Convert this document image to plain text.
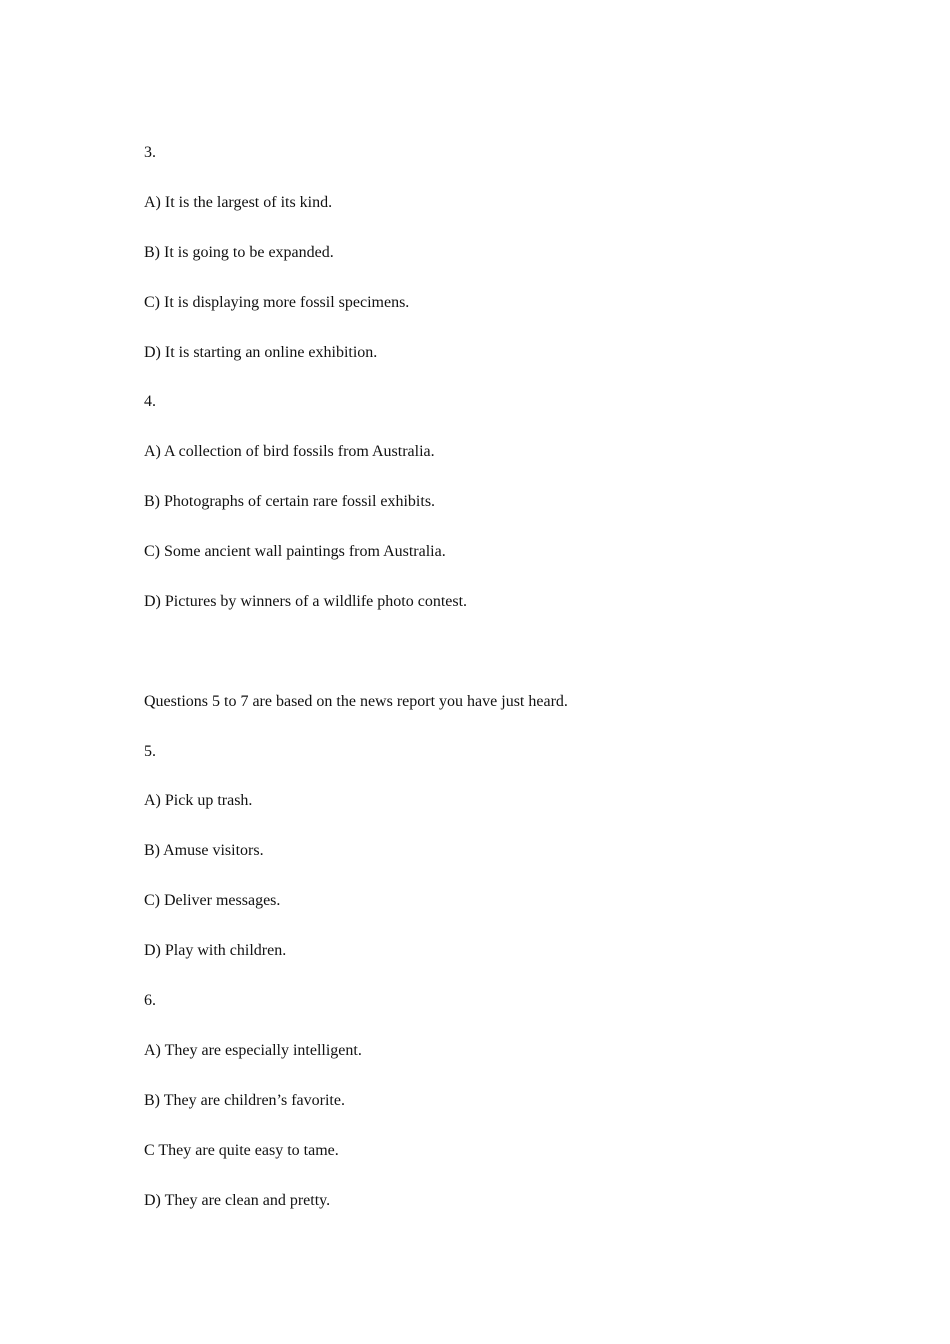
3.
A) It is the largest of its kind.
B) It is going to be expanded.
C) It is displaying more fossil specimens.
D) It is starting an online exhibition.
4.
A) A collection of bird fossils from Australia.
B) Photographs of certain rare fossil exhibits.
C) Some ancient wall paintings from Australia.
D) Pictures by winners of a wildlife photo contest.
Questions 5 to 7 are based on the news report you have just heard.
5.
A) Pick up trash.
B) Amuse visitors.
C) Deliver messages.
D) Play with children.
6.
A) They are especially intelligent.
B) They are children’s favorite.
C They are quite easy to tame.
D) They are clean and pretty.
